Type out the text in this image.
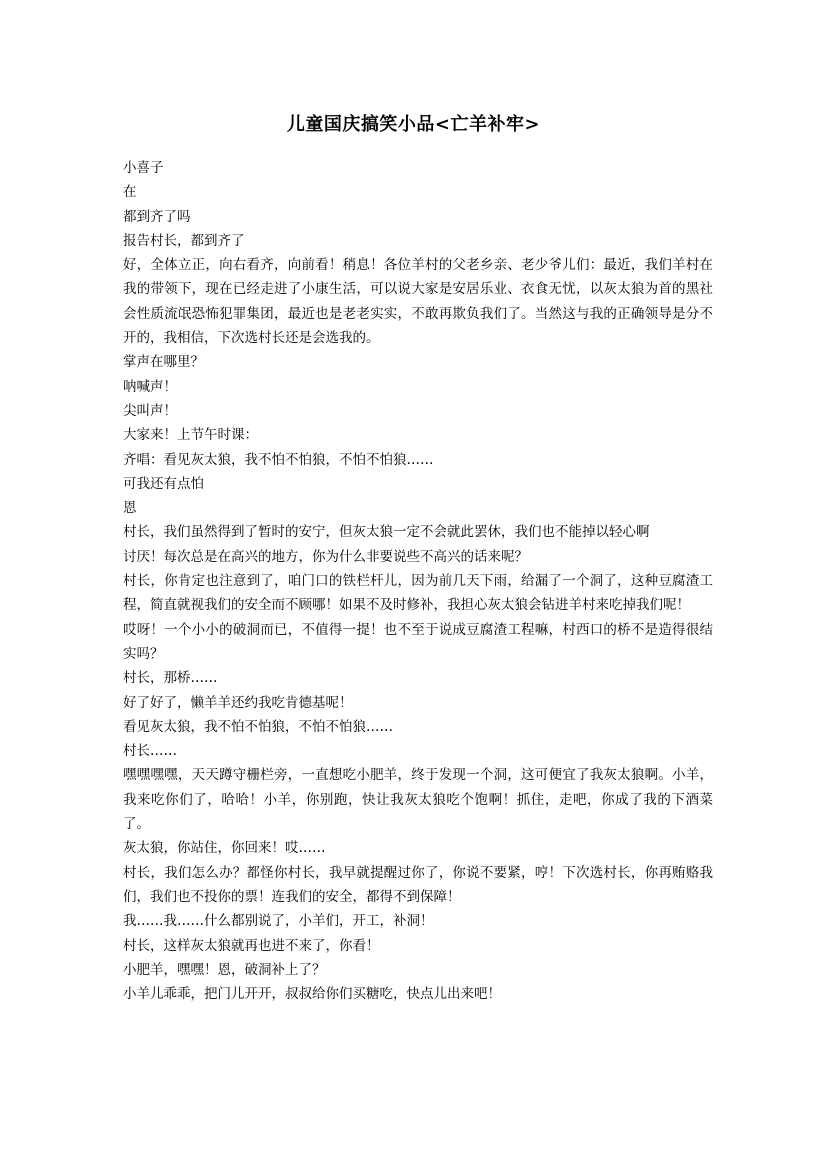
儿童国庆搞笑小品<亡羊补牢>

小喜子

在

都到齐了吗

报告村长，都到齐了

好，全体立正，向右看齐，向前看！稍息！各位羊村的父老乡亲、老少爷儿们：最近，我们羊村在我的带领下，现在已经走进了小康生活，可以说大家是安居乐业、衣食无忧，以灰太狼为首的黑社会性质流氓恐怖犯罪集团，最近也是老老实实，不敢再欺负我们了。当然这与我的正确领导是分不开的，我相信，下次选村长还是会选我的。

掌声在哪里？

呐喊声！

尖叫声！

大家来！上节午时课：

齐唱：看见灰太狼，我不怕不怕狼，不怕不怕狼……

可我还有点怕

恩

村长，我们虽然得到了暂时的安宁，但灰太狼一定不会就此罢休，我们也不能掉以轻心啊

讨厌！每次总是在高兴的地方，你为什么非要说些不高兴的话来呢？

村长，你肯定也注意到了，咱门口的铁栏杆儿，因为前几天下雨，给漏了一个洞了，这种豆腐渣工程，简直就视我们的安全而不顾哪！如果不及时修补，我担心灰太狼会钻进羊村来吃掉我们呢！

哎呀！一个小小的破洞而已，不值得一提！也不至于说成豆腐渣工程嘛，村西口的桥不是造得很结实吗？

村长，那桥……

好了好了，懒羊羊还约我吃肯德基呢！

看见灰太狼，我不怕不怕狼，不怕不怕狼……

村长……

嘿嘿嘿嘿，天天蹲守栅栏旁，一直想吃小肥羊，终于发现一个洞，这可便宜了我灰太狼啊。小羊，我来吃你们了，哈哈！小羊，你别跑，快让我灰太狼吃个饱啊！抓住，走吧，你成了我的下酒菜了。

灰太狼，你站住，你回来！哎……

村长，我们怎么办？都怪你村长，我早就提醒过你了，你说不要紧，哼！下次选村长，你再贿赂我们，我们也不投你的票！连我们的安全，都得不到保障！

我……我……什么都别说了，小羊们，开工，补洞！

村长，这样灰太狼就再也进不来了，你看！

小肥羊，嘿嘿！恩，破洞补上了？

小羊儿乖乖，把门儿开开，叔叔给你们买糖吃，快点儿出来吧！
